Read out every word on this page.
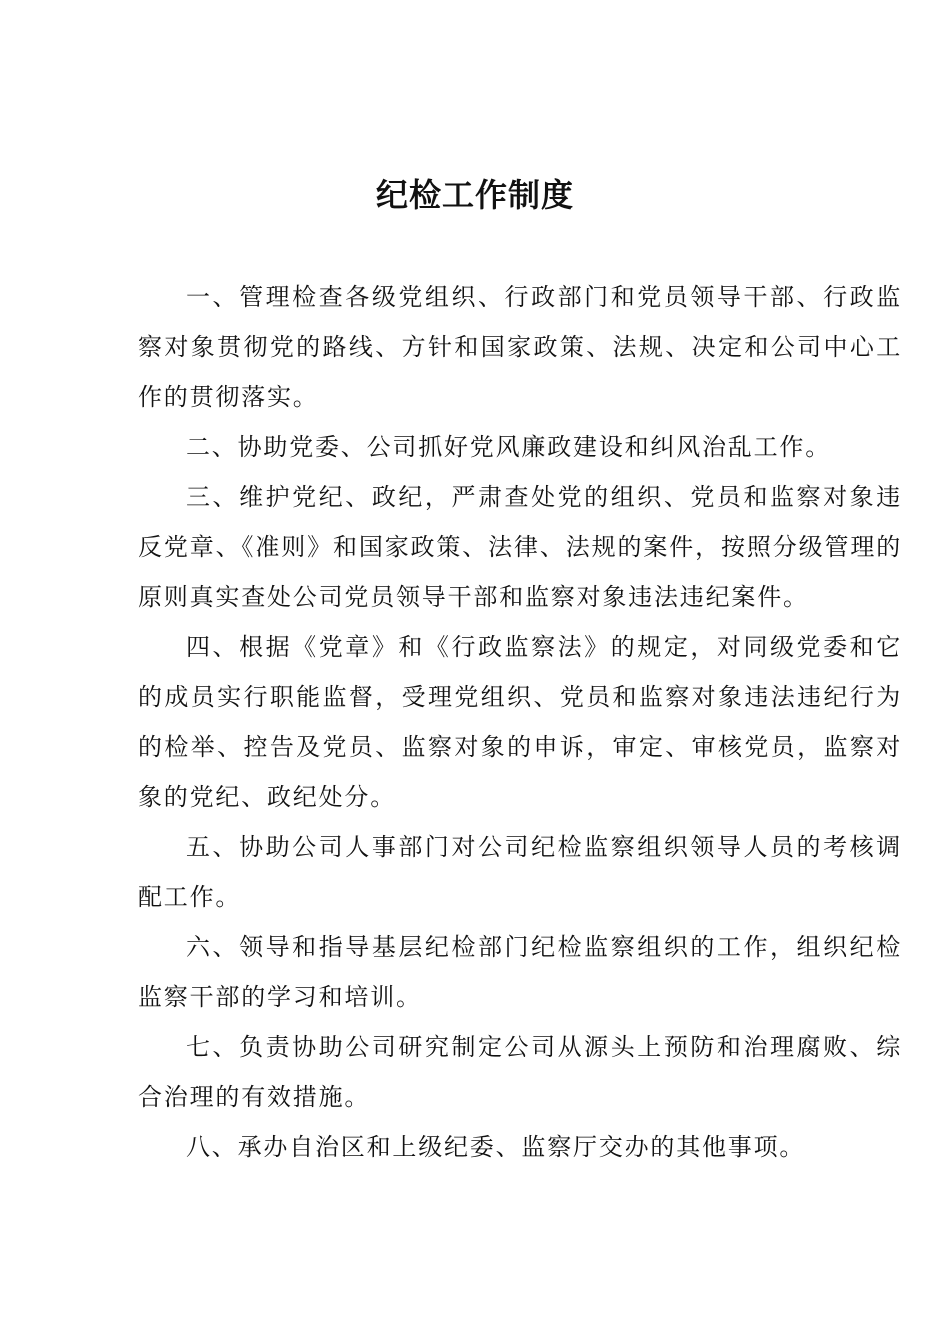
纪检工作制度

一、管理检查各级党组织、行政部门和党员领导干部、行政监察对象贯彻党的路线、方针和国家政策、法规、决定和公司中心工作的贯彻落实。

二、协助党委、公司抓好党风廉政建设和纠风治乱工作。

三、维护党纪、政纪，严肃查处党的组织、党员和监察对象违反党章、《准则》和国家政策、法律、法规的案件，按照分级管理的原则真实查处公司党员领导干部和监察对象违法违纪案件。

四、根据《党章》和《行政监察法》的规定，对同级党委和它的成员实行职能监督，受理党组织、党员和监察对象违法违纪行为的检举、控告及党员、监察对象的申诉，审定、审核党员，监察对象的党纪、政纪处分。

五、协助公司人事部门对公司纪检监察组织领导人员的考核调配工作。

六、领导和指导基层纪检部门纪检监察组织的工作，组织纪检监察干部的学习和培训。

七、负责协助公司研究制定公司从源头上预防和治理腐败、综合治理的有效措施。

八、承办自治区和上级纪委、监察厅交办的其他事项。
